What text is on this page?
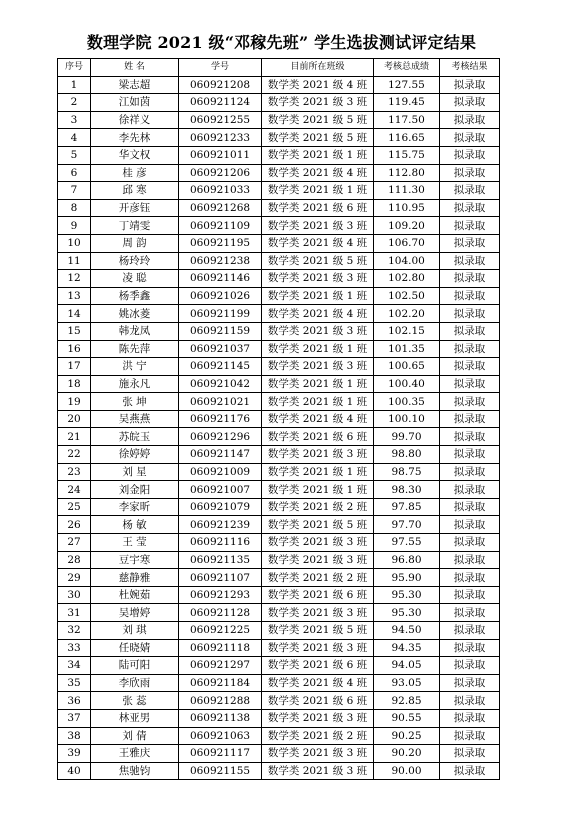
数理学院 2021 级“邓稼先班” 学生选拔测试评定结果
序号	姓 名	学号	目前所在班级	考核总成绩	考核结果
1	梁志超	060921208	数学类 2021 级 4 班	127.55	拟录取
2	江如茵	060921124	数学类 2021 级 3 班	119.45	拟录取
3	徐祥义	060921255	数学类 2021 级 5 班	117.50	拟录取
4	李先林	060921233	数学类 2021 级 5 班	116.65	拟录取
5	华文权	060921011	数学类 2021 级 1 班	115.75	拟录取
6	桂 彦	060921206	数学类 2021 级 4 班	112.80	拟录取
7	邱 寒	060921033	数学类 2021 级 1 班	111.30	拟录取
8	开彦钰	060921268	数学类 2021 级 6 班	110.95	拟录取
9	丁靖雯	060921109	数学类 2021 级 3 班	109.20	拟录取
10	周 韵	060921195	数学类 2021 级 4 班	106.70	拟录取
11	杨玲玲	060921238	数学类 2021 级 5 班	104.00	拟录取
12	凌 聪	060921146	数学类 2021 级 3 班	102.80	拟录取
13	杨季鑫	060921026	数学类 2021 级 1 班	102.50	拟录取
14	姚冰菱	060921199	数学类 2021 级 4 班	102.20	拟录取
15	韩龙凤	060921159	数学类 2021 级 3 班	102.15	拟录取
16	陈先萍	060921037	数学类 2021 级 1 班	101.35	拟录取
17	洪 宁	060921145	数学类 2021 级 3 班	100.65	拟录取
18	施永凡	060921042	数学类 2021 级 1 班	100.40	拟录取
19	张 坤	060921021	数学类 2021 级 1 班	100.35	拟录取
20	吴燕燕	060921176	数学类 2021 级 4 班	100.10	拟录取
21	苏皖玉	060921296	数学类 2021 级 6 班	99.70	拟录取
22	徐婷婷	060921147	数学类 2021 级 3 班	98.80	拟录取
23	刘 星	060921009	数学类 2021 级 1 班	98.75	拟录取
24	刘金阳	060921007	数学类 2021 级 1 班	98.30	拟录取
25	李家昕	060921079	数学类 2021 级 2 班	97.85	拟录取
26	杨 敏	060921239	数学类 2021 级 5 班	97.70	拟录取
27	王 莹	060921116	数学类 2021 级 3 班	97.55	拟录取
28	豆宇寒	060921135	数学类 2021 级 3 班	96.80	拟录取
29	慈静雅	060921107	数学类 2021 级 2 班	95.90	拟录取
30	杜婉茹	060921293	数学类 2021 级 6 班	95.30	拟录取
31	吴增婷	060921128	数学类 2021 级 3 班	95.30	拟录取
32	刘 琪	060921225	数学类 2021 级 5 班	94.50	拟录取
33	任晓婧	060921118	数学类 2021 级 3 班	94.35	拟录取
34	陆可阳	060921297	数学类 2021 级 6 班	94.05	拟录取
35	李欣雨	060921184	数学类 2021 级 4 班	93.05	拟录取
36	张 蕊	060921288	数学类 2021 级 6 班	92.85	拟录取
37	林亚男	060921138	数学类 2021 级 3 班	90.55	拟录取
38	刘 倩	060921063	数学类 2021 级 2 班	90.25	拟录取
39	王雅庆	060921117	数学类 2021 级 3 班	90.20	拟录取
40	焦驰钧	060921155	数学类 2021 级 3 班	90.00	拟录取
